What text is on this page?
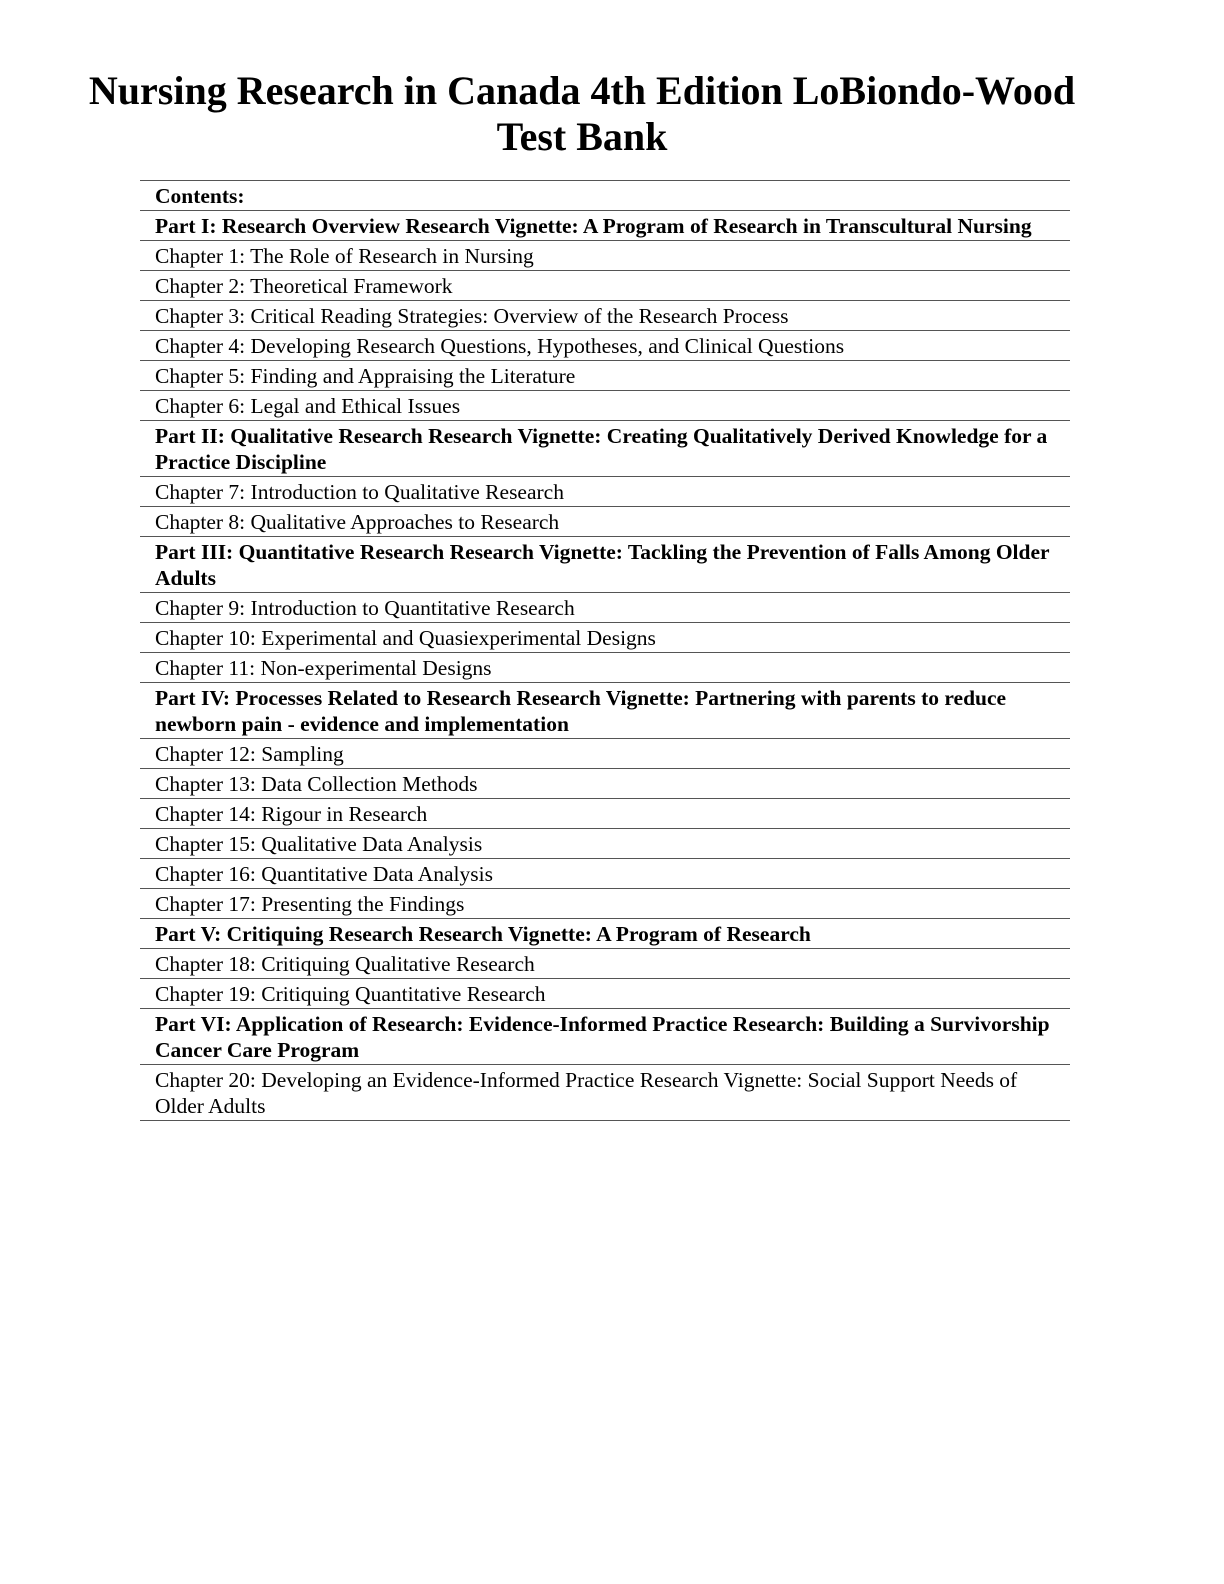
Nursing Research in Canada 4th Edition LoBiondo-Wood
Test Bank
Contents:
Part I: Research Overview Research Vignette: A Program of Research in Transcultural Nursing
Chapter 1: The Role of Research in Nursing
Chapter 2: Theoretical Framework
Chapter 3: Critical Reading Strategies: Overview of the Research Process
Chapter 4: Developing Research Questions, Hypotheses, and Clinical Questions
Chapter 5: Finding and Appraising the Literature
Chapter 6: Legal and Ethical Issues
Part II: Qualitative Research Research Vignette: Creating Qualitatively Derived Knowledge for a Practice Discipline
Chapter 7: Introduction to Qualitative Research
Chapter 8: Qualitative Approaches to Research
Part III: Quantitative Research Research Vignette: Tackling the Prevention of Falls Among Older Adults
Chapter 9: Introduction to Quantitative Research
Chapter 10: Experimental and Quasiexperimental Designs
Chapter 11: Non-experimental Designs
Part IV: Processes Related to Research Research Vignette: Partnering with parents to reduce newborn pain - evidence and implementation
Chapter 12: Sampling
Chapter 13: Data Collection Methods
Chapter 14: Rigour in Research
Chapter 15: Qualitative Data Analysis
Chapter 16: Quantitative Data Analysis
Chapter 17: Presenting the Findings
Part V: Critiquing Research Research Vignette: A Program of Research
Chapter 18: Critiquing Qualitative Research
Chapter 19: Critiquing Quantitative Research
Part VI: Application of Research: Evidence-Informed Practice Research: Building a Survivorship Cancer Care Program
Chapter 20: Developing an Evidence-Informed Practice Research Vignette: Social Support Needs of Older Adults
